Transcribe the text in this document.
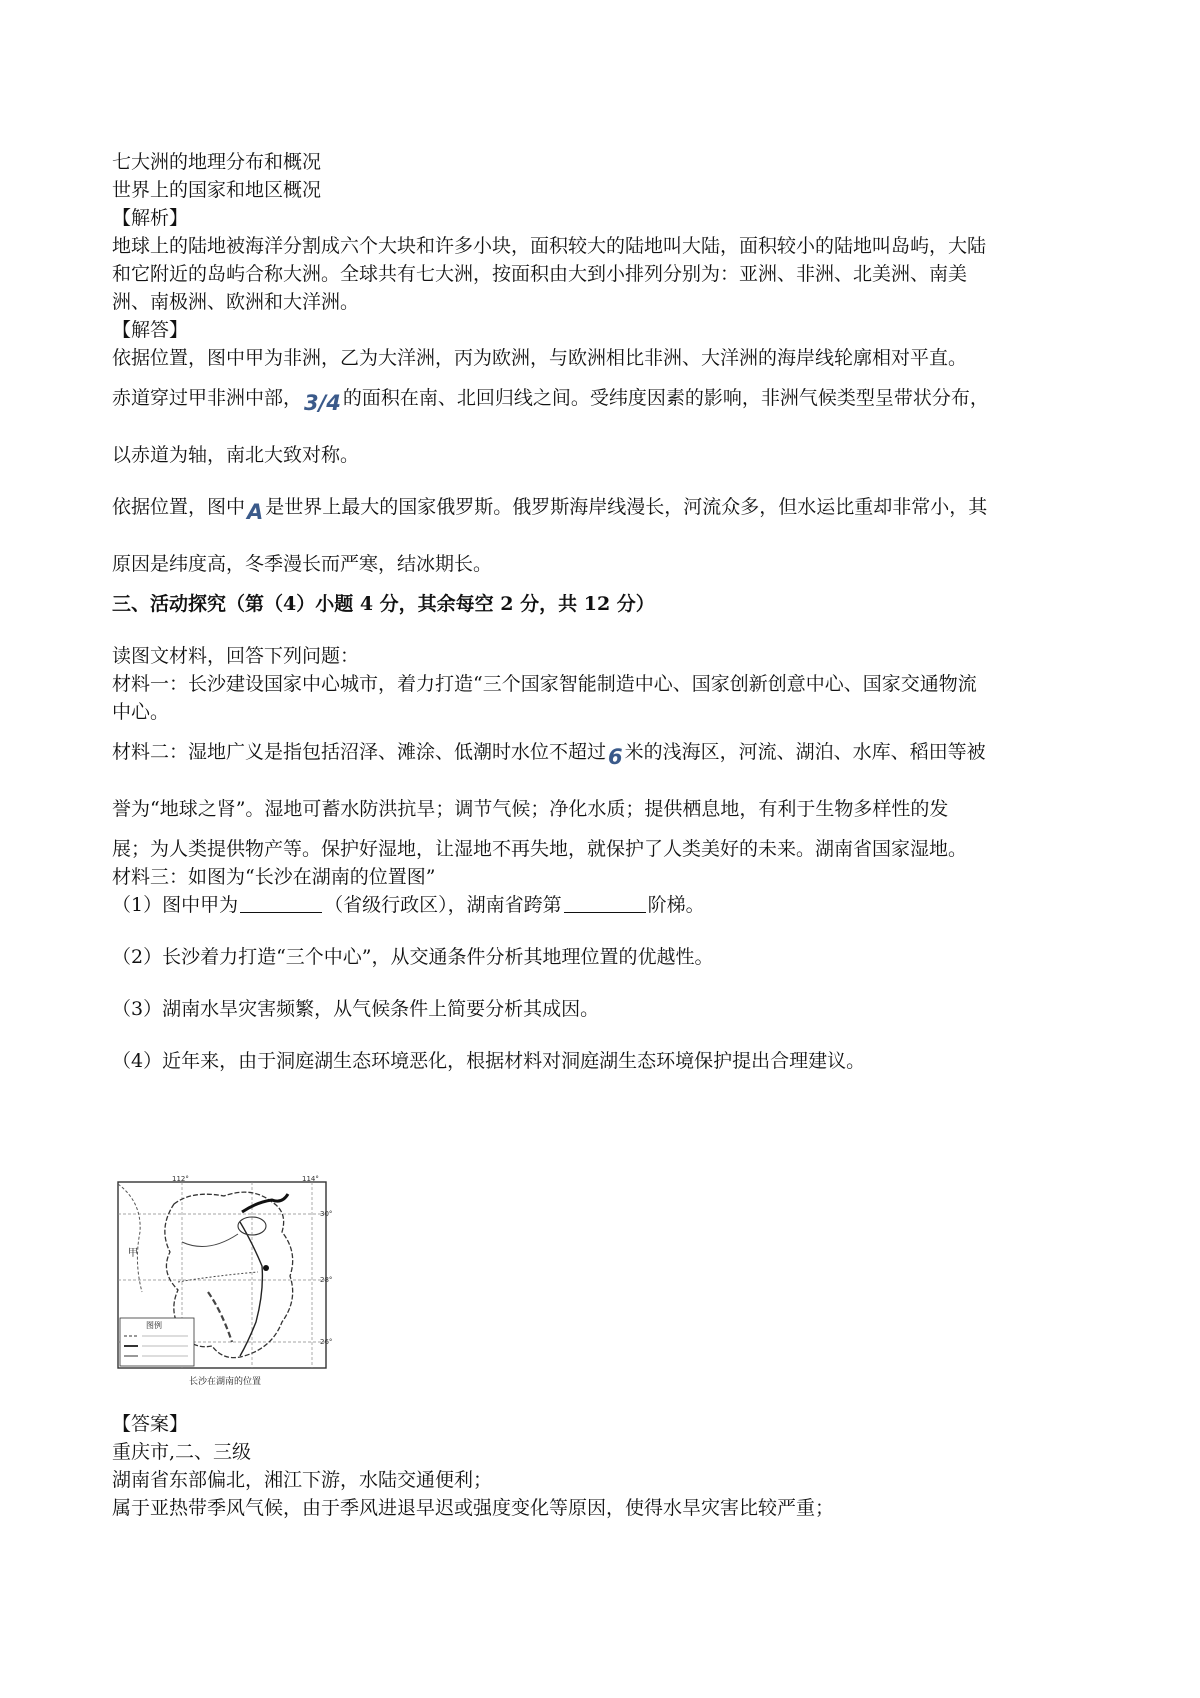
七大洲的地理分布和概况
世界上的国家和地区概况
【解析】
地球上的陆地被海洋分割成六个大块和许多小块，面积较大的陆地叫大陆，面积较小的陆地叫岛屿，大陆
和它附近的岛屿合称大洲。全球共有七大洲，按面积由大到小排列分别为：亚洲、非洲、北美洲、南美
洲、南极洲、欧洲和大洋洲。
【解答】
依据位置，图中甲为非洲，乙为大洋洲，丙为欧洲，与欧洲相比非洲、大洋洲的海岸线轮廓相对平直。
赤道穿过甲非洲中部，3/4 的面积在南、北回归线之间。受纬度因素的影响，非洲气候类型呈带状分布，
以赤道为轴，南北大致对称。
依据位置，图中A 是世界上最大的国家俄罗斯。俄罗斯海岸线漫长，河流众多，但水运比重却非常小，其
原因是纬度高，冬季漫长而严寒，结冰期长。
三、活动探究（第（4）小题 4 分，其余每空 2 分，共 12 分）
读图文材料，回答下列问题：
材料一：长沙建设国家中心城市，着力打造“三个国家智能制造中心、国家创新创意中心、国家交通物流
中心。
材料二：湿地广义是指包括沼泽、滩涂、低潮时水位不超过6 米的浅海区，河流、湖泊、水库、稻田等被
誉为“地球之肾”。湿地可蓄水防洪抗旱；调节气候；净化水质；提供栖息地，有利于生物多样性的发
展；为人类提供物产等。保护好湿地，让湿地不再失地，就保护了人类美好的未来。湖南省国家湿地。
材料三：如图为“长沙在湖南的位置图”
（1）图中甲为	（省级行政区），湖南省跨第	阶梯。
（2）长沙着力打造“三个中心”，从交通条件分析其地理位置的优越性。
（3）湖南水旱灾害频繁，从气候条件上简要分析其成因。
（4）近年来，由于洞庭湖生态环境恶化，根据材料对洞庭湖生态环境保护提出合理建议。
甲
112°	114°
30°
28°
26°
图例
长沙在湖南的位置
【答案】
重庆市,二、三级
湖南省东部偏北，湘江下游，水陆交通便利；
属于亚热带季风气候，由于季风进退早迟或强度变化等原因，使得水旱灾害比较严重；
